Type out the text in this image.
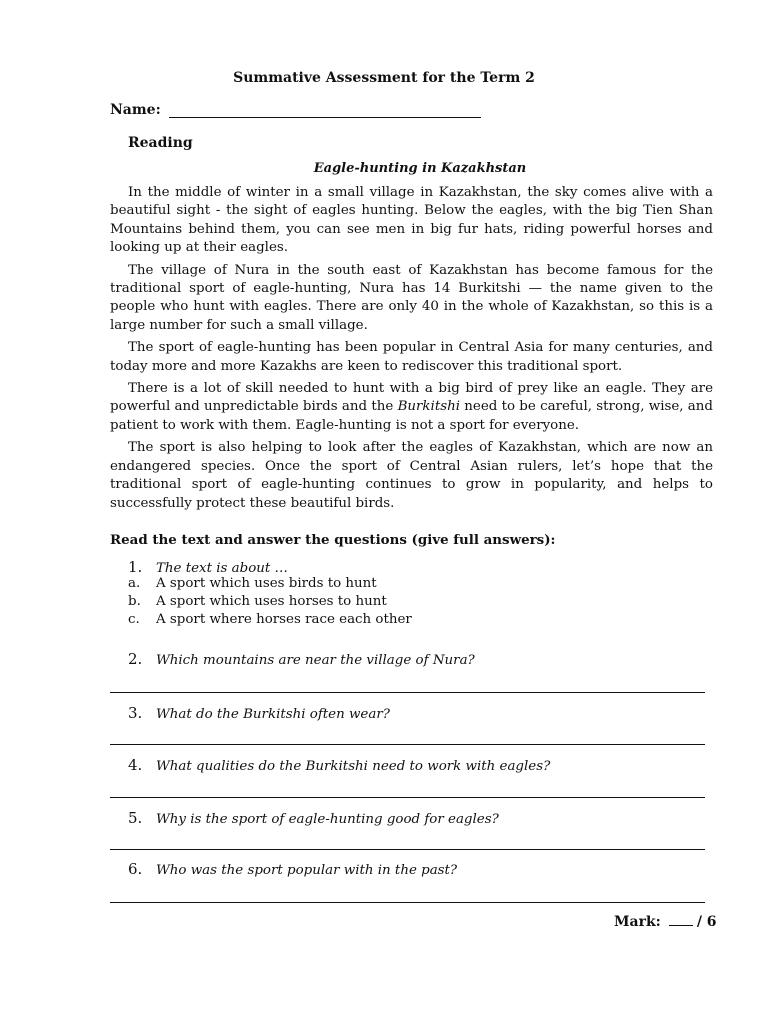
Summative Assessment for the Term 2
Name:
Reading
Eagle-hunting in Kazakhstan

In the middle of winter in a small village in Kazakhstan, the sky comes alive with a beautiful sight - the sight of eagles hunting. Below the eagles, with the big Tien Shan Mountains behind them, you can see men in big fur hats, riding powerful horses and looking up at their eagles.

The village of Nura in the south east of Kazakhstan has become famous for the traditional sport of eagle-hunting, Nura has 14 Burkitshi — the name given to the people who hunt with eagles. There are only 40 in the whole of Kazakhstan, so this is a large number for such a small village.

The sport of eagle-hunting has been popular in Central Asia for many centuries, and today more and more Kazakhs are keen to rediscover this traditional sport.

There is a lot of skill needed to hunt with a big bird of prey like an eagle. They are powerful and unpredictable birds and the Burkitshi need to be careful, strong, wise, and patient to work with them. Eagle-hunting is not a sport for everyone.

The sport is also helping to look after the eagles of Kazakhstan, which are now an endangered species. Once the sport of Central Asian rulers, let’s hope that the traditional sport of eagle-hunting continues to grow in popularity, and helps to successfully protect these beautiful birds.

Read the text and answer the questions (give full answers):
1.	The text is about …
a.	A sport which uses birds to hunt
b.	A sport which uses horses to hunt
c.	A sport where horses race each other
2.	Which mountains are near the village of Nura?
3.	What do the Burkitshi often wear?
4.	What qualities do the Burkitshi need to work with eagles?
5.	Why is the sport of eagle-hunting good for eagles?
6.	Who was the sport popular with in the past?
Mark:	/ 6
